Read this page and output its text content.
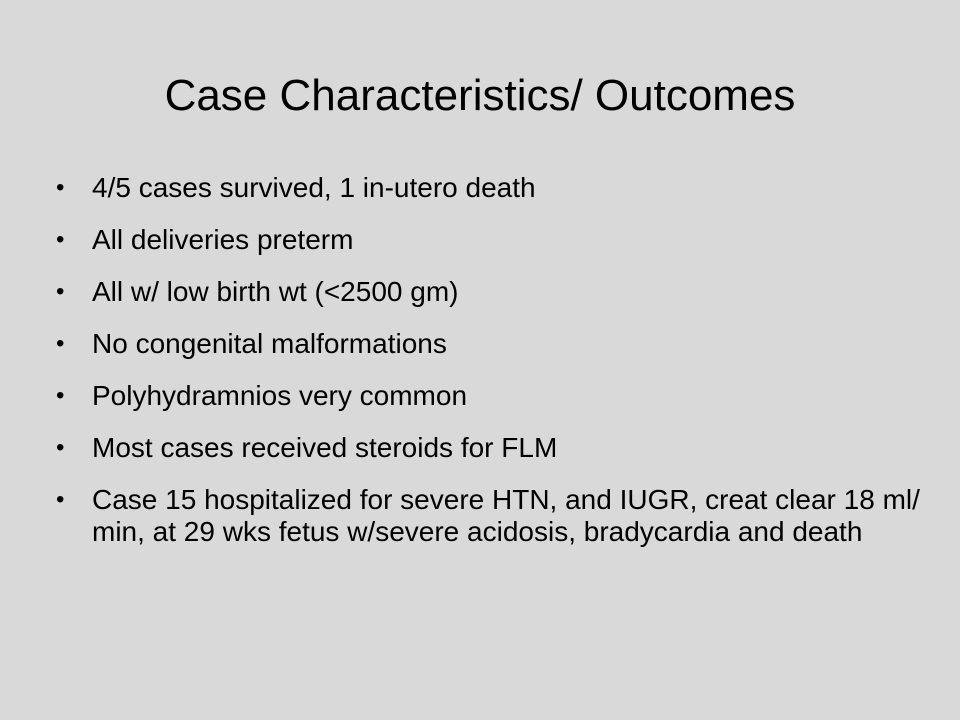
Case Characteristics/ Outcomes
• 4/5 cases survived, 1 in-utero death
• All deliveries preterm
• All w/ low birth wt (<2500 gm)
• No congenital malformations
• Polyhydramnios very common
• Most cases received steroids for FLM
• Case 15 hospitalized for severe HTN, and IUGR, creat clear 18 ml/ min, at 29 wks fetus w/severe acidosis, bradycardia and death
